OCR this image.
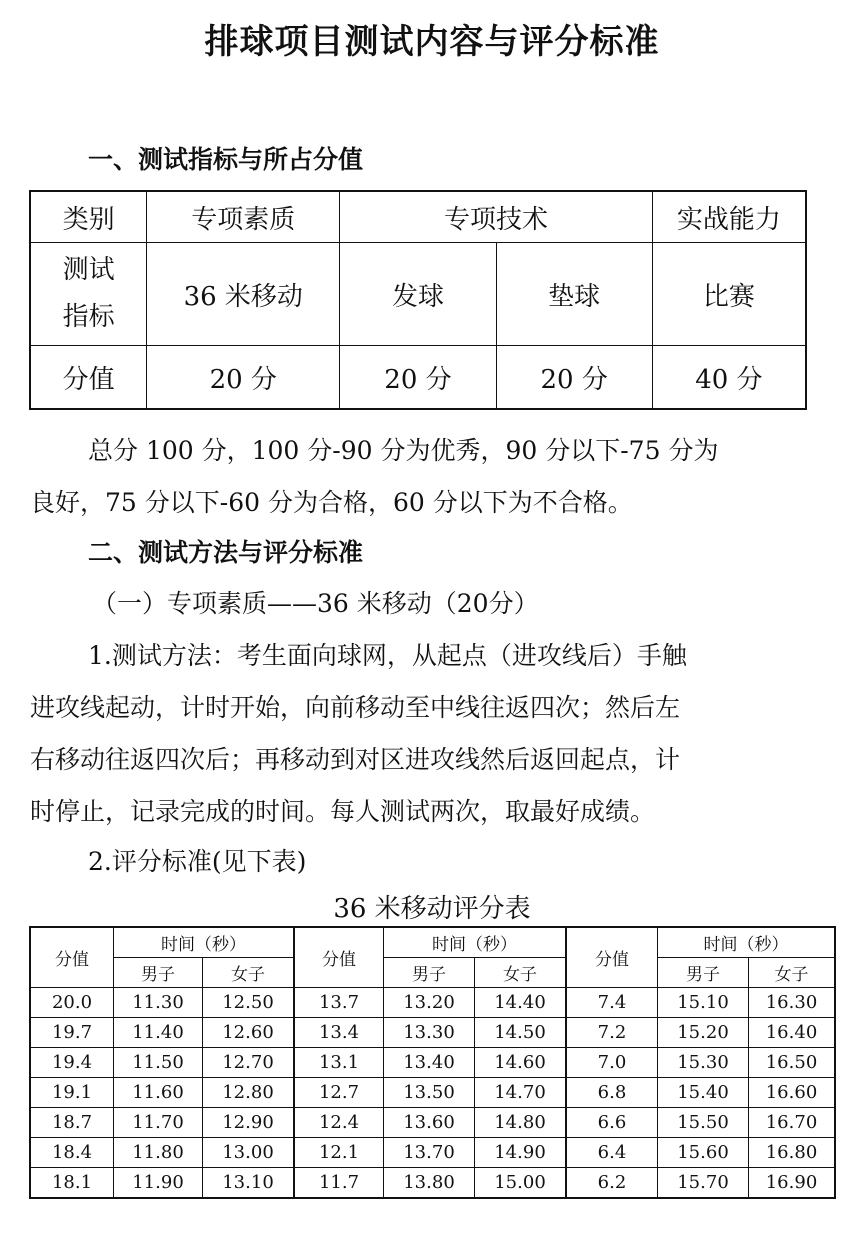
排球项目测试内容与评分标准
一、测试指标与所占分值
类别	专项素质	专项技术		实战能力
测试
指标	36 米移动	发球	垫球	比赛
分值	20 分	20 分	20 分	40 分
总分 100 分，100 分-90 分为优秀，90 分以下-75 分为
良好，75 分以下-60 分为合格，60 分以下为不合格。
二、测试方法与评分标准
（一）专项素质——36 米移动（20分）
1.测试方法：考生面向球网，从起点（进攻线后）手触
进攻线起动，计时开始，向前移动至中线往返四次；然后左
右移动往返四次后；再移动到对区进攻线然后返回起点，计
时停止，记录完成的时间。每人测试两次，取最好成绩。
2.评分标准(见下表)
36 米移动评分表
分值	时间（秒）		分值	时间（秒）		分值	时间（秒）	
	男子	女子		男子	女子		男子	女子
20.0	11.30	12.50	13.7	13.20	14.40	7.4	15.10	16.30
19.7	11.40	12.60	13.4	13.30	14.50	7.2	15.20	16.40
19.4	11.50	12.70	13.1	13.40	14.60	7.0	15.30	16.50
19.1	11.60	12.80	12.7	13.50	14.70	6.8	15.40	16.60
18.7	11.70	12.90	12.4	13.60	14.80	6.6	15.50	16.70
18.4	11.80	13.00	12.1	13.70	14.90	6.4	15.60	16.80
18.1	11.90	13.10	11.7	13.80	15.00	6.2	15.70	16.90
